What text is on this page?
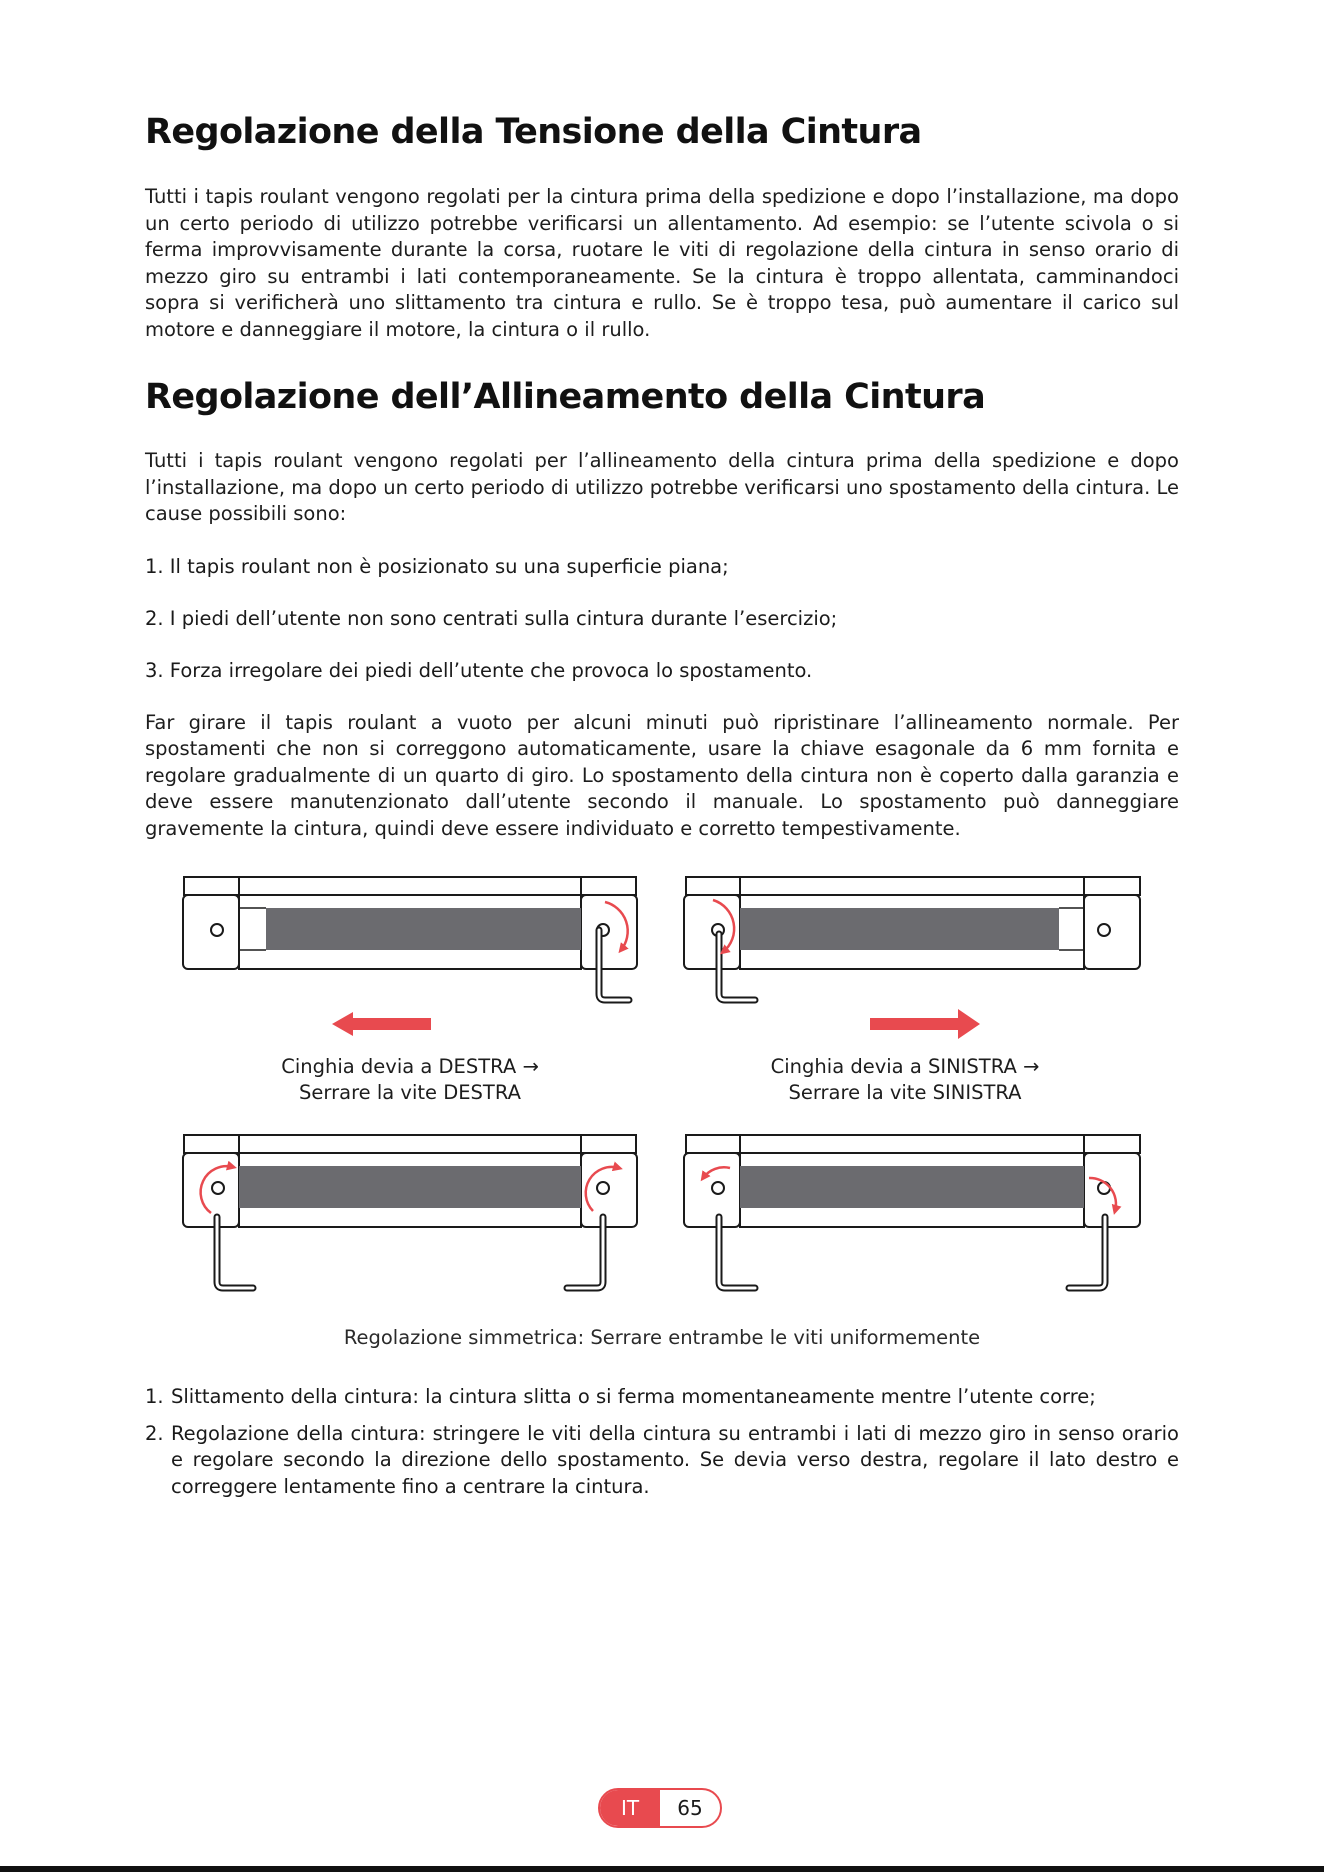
Regolazione della Tensione della Cintura

Tutti i tapis roulant vengono regolati per la cintura prima della spedizione e dopo l’installazione, ma dopo un certo periodo di utilizzo potrebbe verificarsi un allentamento. Ad esempio: se l’utente scivola o si ferma improvvisamente durante la corsa, ruotare le viti di regolazione della cintura in senso orario di mezzo giro su entrambi i lati contemporaneamente. Se la cintura è troppo allentata, camminandoci sopra si verificherà uno slittamento tra cintura e rullo. Se è troppo tesa, può aumentare il carico sul motore e danneggiare il motore, la cintura o il rullo.

Regolazione dell’Allineamento della Cintura

Tutti i tapis roulant vengono regolati per l’allineamento della cintura prima della spedizione e dopo l’installazione, ma dopo un certo periodo di utilizzo potrebbe verificarsi uno spostamento della cintura. Le cause possibili sono:

1. Il tapis roulant non è posizionato su una superficie piana;

2. I piedi dell’utente non sono centrati sulla cintura durante l’esercizio;

3. Forza irregolare dei piedi dell’utente che provoca lo spostamento.

Far girare il tapis roulant a vuoto per alcuni minuti può ripristinare l’allineamento normale. Per spostamenti che non si correggono automaticamente, usare la chiave esagonale da 6 mm fornita e regolare gradualmente di un quarto di giro. Lo spostamento della cintura non è coperto dalla garanzia e deve essere manutenzionato dall’utente secondo il manuale. Lo spostamento può danneggiare gravemente la cintura, quindi deve essere individuato e corretto tempestivamente.

Cinghia devia a DESTRA →
Serrare la vite DESTRA
Cinghia devia a SINISTRA →
Serrare la vite SINISTRA
Regolazione simmetrica: Serrare entrambe le viti uniformemente
1. Slittamento della cintura: la cintura slitta o si ferma momentaneamente mentre l’utente corre;
2. Regolazione della cintura: stringere le viti della cintura su entrambi i lati di mezzo giro in senso orario e regolare secondo la direzione dello spostamento. Se devia verso destra, regolare il lato destro e correggere lentamente fino a centrare la cintura.
IT	65
